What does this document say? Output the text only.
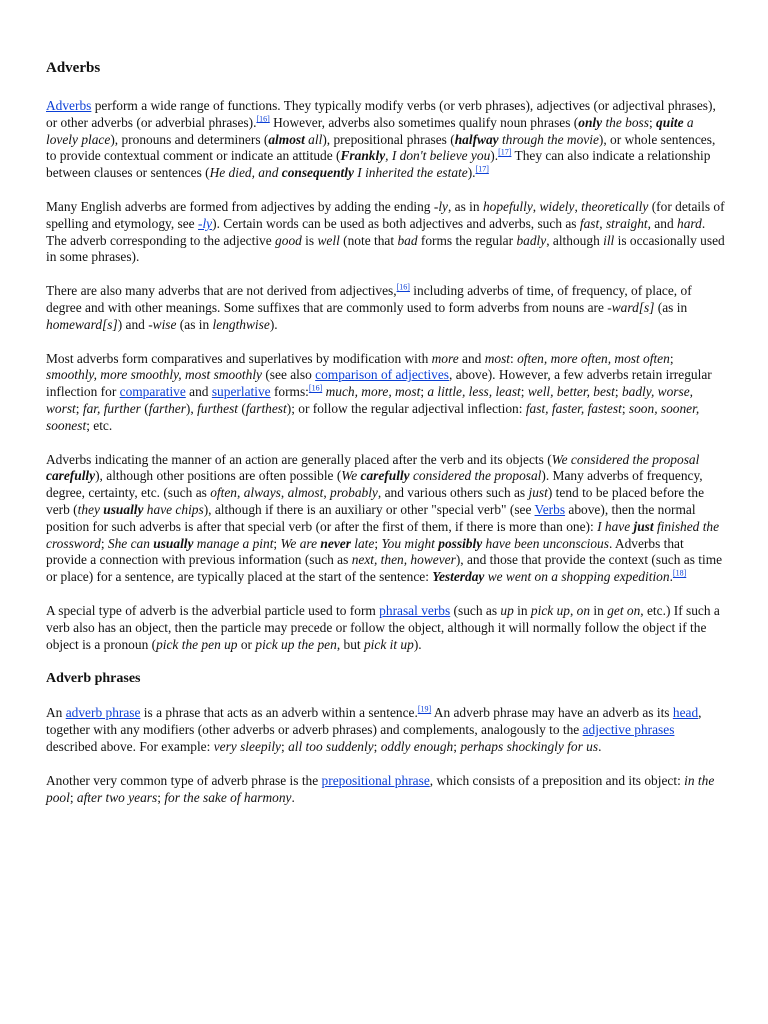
Adverbs

Adverbs perform a wide range of functions. They typically modify verbs (or verb phrases), adjectives (or adjectival phrases), or other adverbs (or adverbial phrases).[16] However, adverbs also sometimes qualify noun phrases (only the boss; quite a lovely place), pronouns and determiners (almost all), prepositional phrases (halfway through the movie), or whole sentences, to provide contextual comment or indicate an attitude (Frankly, I don't believe you).[17] They can also indicate a relationship between clauses or sentences (He died, and consequently I inherited the estate).[17]

Many English adverbs are formed from adjectives by adding the ending -ly, as in hopefully, widely, theoretically (for details of spelling and etymology, see -ly). Certain words can be used as both adjectives and adverbs, such as fast, straight, and hard. The adverb corresponding to the adjective good is well (note that bad forms the regular badly, although ill is occasionally used in some phrases).

There are also many adverbs that are not derived from adjectives,[16] including adverbs of time, of frequency, of place, of degree and with other meanings. Some suffixes that are commonly used to form adverbs from nouns are -ward[s] (as in homeward[s]) and -wise (as in lengthwise).

Most adverbs form comparatives and superlatives by modification with more and most: often, more often, most often; smoothly, more smoothly, most smoothly (see also comparison of adjectives, above). However, a few adverbs retain irregular inflection for comparative and superlative forms:[16] much, more, most; a little, less, least; well, better, best; badly, worse, worst; far, further (farther), furthest (farthest); or follow the regular adjectival inflection: fast, faster, fastest; soon, sooner, soonest; etc.

Adverbs indicating the manner of an action are generally placed after the verb and its objects (We considered the proposal carefully), although other positions are often possible (We carefully considered the proposal). Many adverbs of frequency, degree, certainty, etc. (such as often, always, almost, probably, and various others such as just) tend to be placed before the verb (they usually have chips), although if there is an auxiliary or other "special verb" (see Verbs above), then the normal position for such adverbs is after that special verb (or after the first of them, if there is more than one): I have just finished the crossword; She can usually manage a pint; We are never late; You might possibly have been unconscious. Adverbs that provide a connection with previous information (such as next, then, however), and those that provide the context (such as time or place) for a sentence, are typically placed at the start of the sentence: Yesterday we went on a shopping expedition.[18]

A special type of adverb is the adverbial particle used to form phrasal verbs (such as up in pick up, on in get on, etc.) If such a verb also has an object, then the particle may precede or follow the object, although it will normally follow the object if the object is a pronoun (pick the pen up or pick up the pen, but pick it up).

Adverb phrases

An adverb phrase is a phrase that acts as an adverb within a sentence.[19] An adverb phrase may have an adverb as its head, together with any modifiers (other adverbs or adverb phrases) and complements, analogously to the adjective phrases described above. For example: very sleepily; all too suddenly; oddly enough; perhaps shockingly for us.

Another very common type of adverb phrase is the prepositional phrase, which consists of a preposition and its object: in the pool; after two years; for the sake of harmony.
